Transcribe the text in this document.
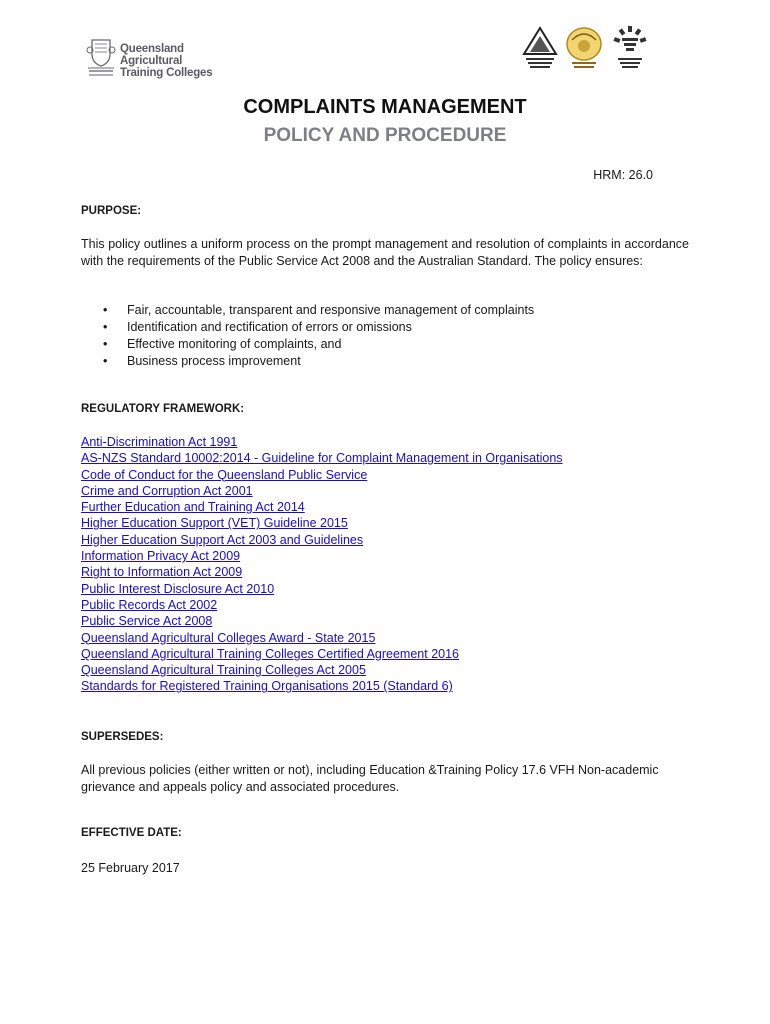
Queensland Agricultural
Training Colleges
COMPLAINTS MANAGEMENT
POLICY AND PROCEDURE
HRM: 26.0
PURPOSE:
This policy outlines a uniform process on the prompt management and resolution of complaints in accordance with the requirements of the Public Service Act 2008 and the Australian Standard. The policy ensures:
• Fair, accountable, transparent and responsive management of complaints
• Identification and rectification of errors or omissions
• Effective monitoring of complaints, and
• Business process improvement
REGULATORY FRAMEWORK:
Anti-Discrimination Act 1991
AS-NZS Standard 10002:2014 - Guideline for Complaint Management in Organisations
Code of Conduct for the Queensland Public Service
Crime and Corruption Act 2001
Further Education and Training Act 2014
Higher Education Support (VET) Guideline 2015
Higher Education Support Act 2003 and Guidelines
Information Privacy Act 2009
Right to Information Act 2009
Public Interest Disclosure Act 2010
Public Records Act 2002
Public Service Act 2008
Queensland Agricultural Colleges Award - State 2015
Queensland Agricultural Training Colleges Certified Agreement 2016
Queensland Agricultural Training Colleges Act 2005
Standards for Registered Training Organisations 2015 (Standard 6)
SUPERSEDES:
All previous policies (either written or not), including Education &Training Policy 17.6 VFH Non-academic grievance and appeals policy and associated procedures.
EFFECTIVE DATE:
25 February 2017
